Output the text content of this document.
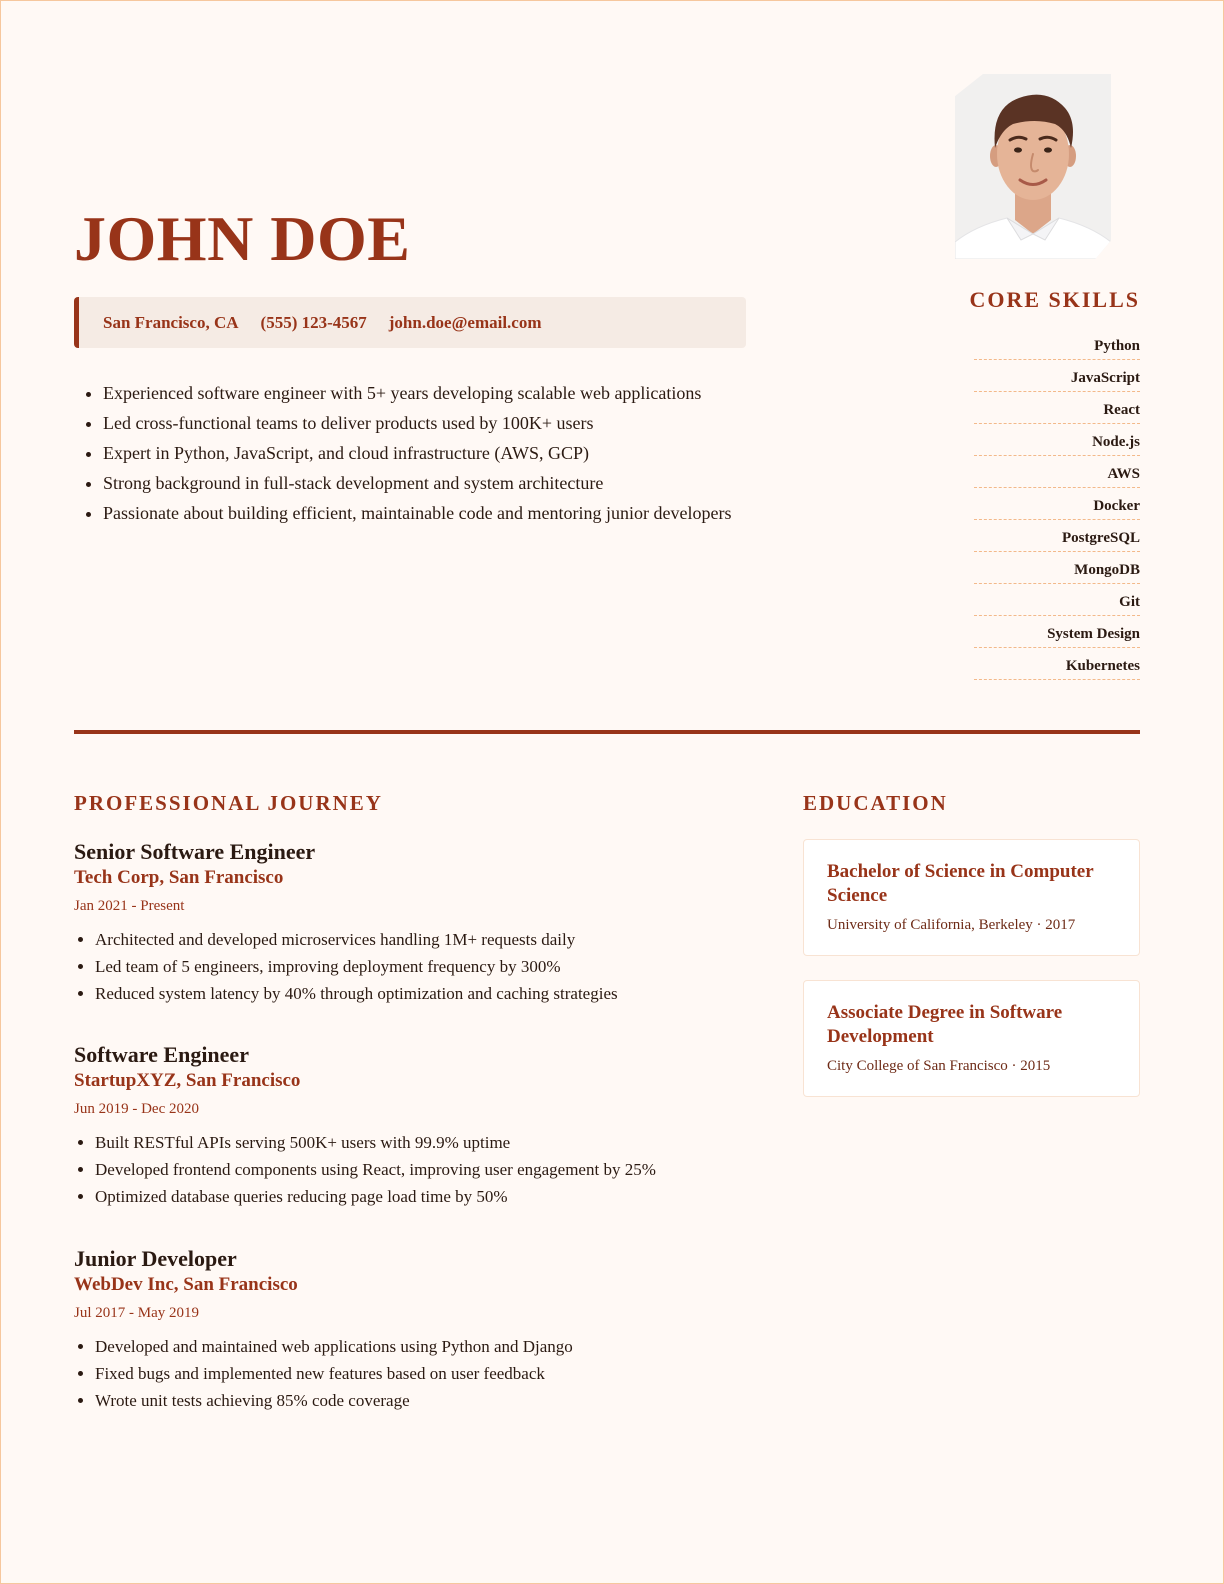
JOHN DOE
San Francisco, CA (555) 123-4567 john.doe@email.com
• Experienced software engineer with 5+ years developing scalable web applications
• Led cross-functional teams to deliver products used by 100K+ users
• Expert in Python, JavaScript, and cloud infrastructure (AWS, GCP)
• Strong background in full-stack development and system architecture
• Passionate about building efficient, maintainable code and mentoring junior developers
CORE SKILLS
Python
JavaScript
React
Node.js
AWS
Docker
PostgreSQL
MongoDB
Git
System Design
Kubernetes
PROFESSIONAL JOURNEY
Senior Software Engineer

Tech Corp, San Francisco

Jan 2021 - Present

• Architected and developed microservices handling 1M+ requests daily
• Led team of 5 engineers, improving deployment frequency by 300%
• Reduced system latency by 40% through optimization and caching strategies
Software Engineer

StartupXYZ, San Francisco

Jun 2019 - Dec 2020

• Built RESTful APIs serving 500K+ users with 99.9% uptime
• Developed frontend components using React, improving user engagement by 25%
• Optimized database queries reducing page load time by 50%
Junior Developer

WebDev Inc, San Francisco

Jul 2017 - May 2019

• Developed and maintained web applications using Python and Django
• Fixed bugs and implemented new features based on user feedback
• Wrote unit tests achieving 85% code coverage
EDUCATION

Bachelor of Science in Computer Science

University of California, Berkeley · 2017

Associate Degree in Software Development

City College of San Francisco · 2015
